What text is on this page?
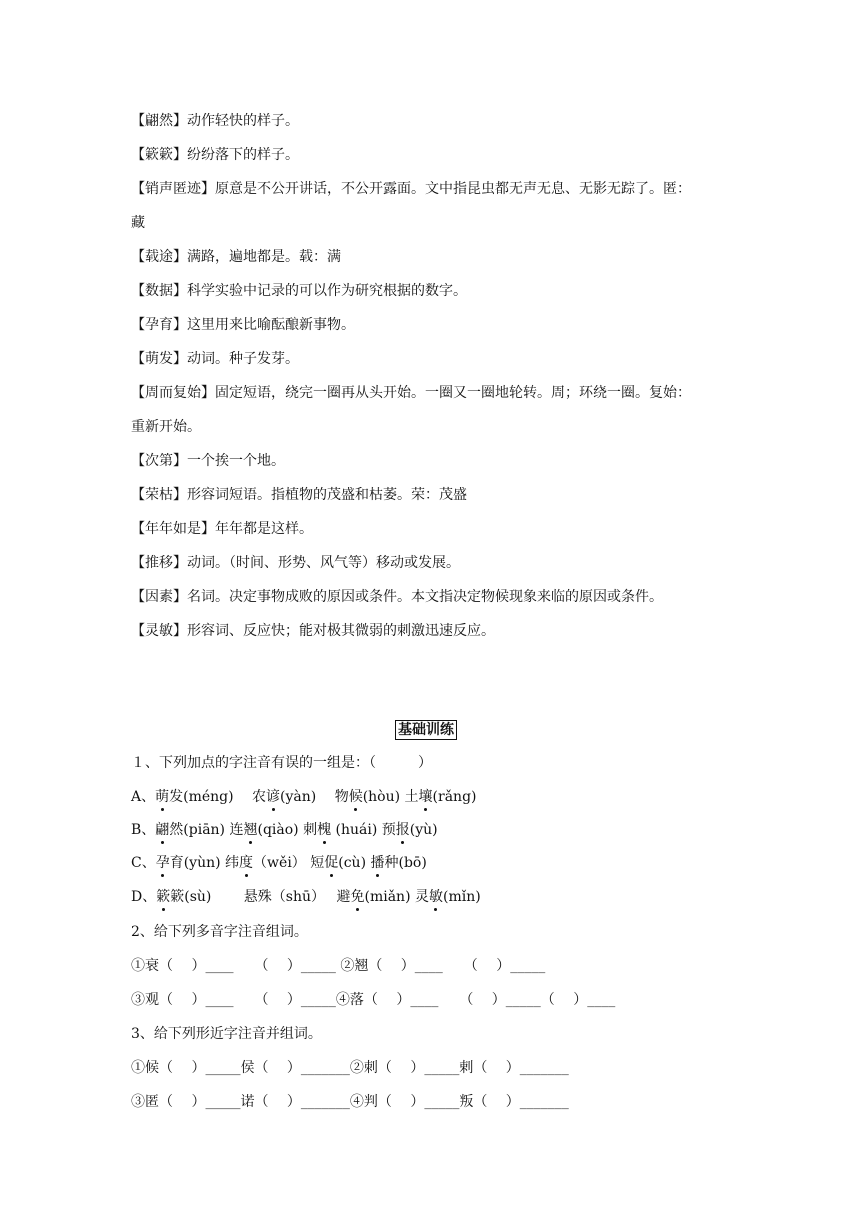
【翩然】动作轻快的样子。
【簌簌】纷纷落下的样子。
【销声匿迹】原意是不公开讲话，不公开露面。文中指昆虫都无声无息、无影无踪了。匿：
藏
【载途】满路，遍地都是。载：满
【数据】科学实验中记录的可以作为研究根据的数字。
【孕育】这里用来比喻酝酿新事物。
【萌发】动词。种子发芽。
【周而复始】固定短语，绕完一圈再从头开始。一圈又一圈地轮转。周；环绕一圈。复始：
重新开始。
【次第】一个挨一个地。
【荣枯】形容词短语。指植物的茂盛和枯萎。荣：茂盛
【年年如是】年年都是这样。
【推移】动词。（时间、形势、风气等）移动或发展。
【因素】名词。决定事物成败的原因或条件。本文指决定物候现象来临的原因或条件。
【灵敏】形容词、反应快；能对极其微弱的刺激迅速反应。
基础训练
１、下列加点的字注音有误的一组是：（　　　）
A、萌发(méng)　 农谚(yàn)　 物候(hòu) 土壤(rǎng)
B、翩然(piān) 连翘(qiào) 刺槐 (huái) 预报(yù)
C、孕育(yùn) 纬度（wěi） 短促(cù) 播种(bō)
D、簌簌(sù)　　 悬殊（shū）　 避免(miǎn) 灵敏(mǐn)
2、给下列多音字注音组词。
①衰（　 ）____　　（　 ）_____ ②翘（　 ）____　　（　 ）_____
③观（　 ）____　　（　 ）_____④落（　 ）____　　（　 ）_____（　 ）____
3、给下列形近字注音并组词。
①候（　 ）_____侯（　 ）_______②刺（　 ）_____剌（　 ）_______
③匿（　 ）_____诺（　 ）_______④判（　 ）_____叛（　 ）_______
